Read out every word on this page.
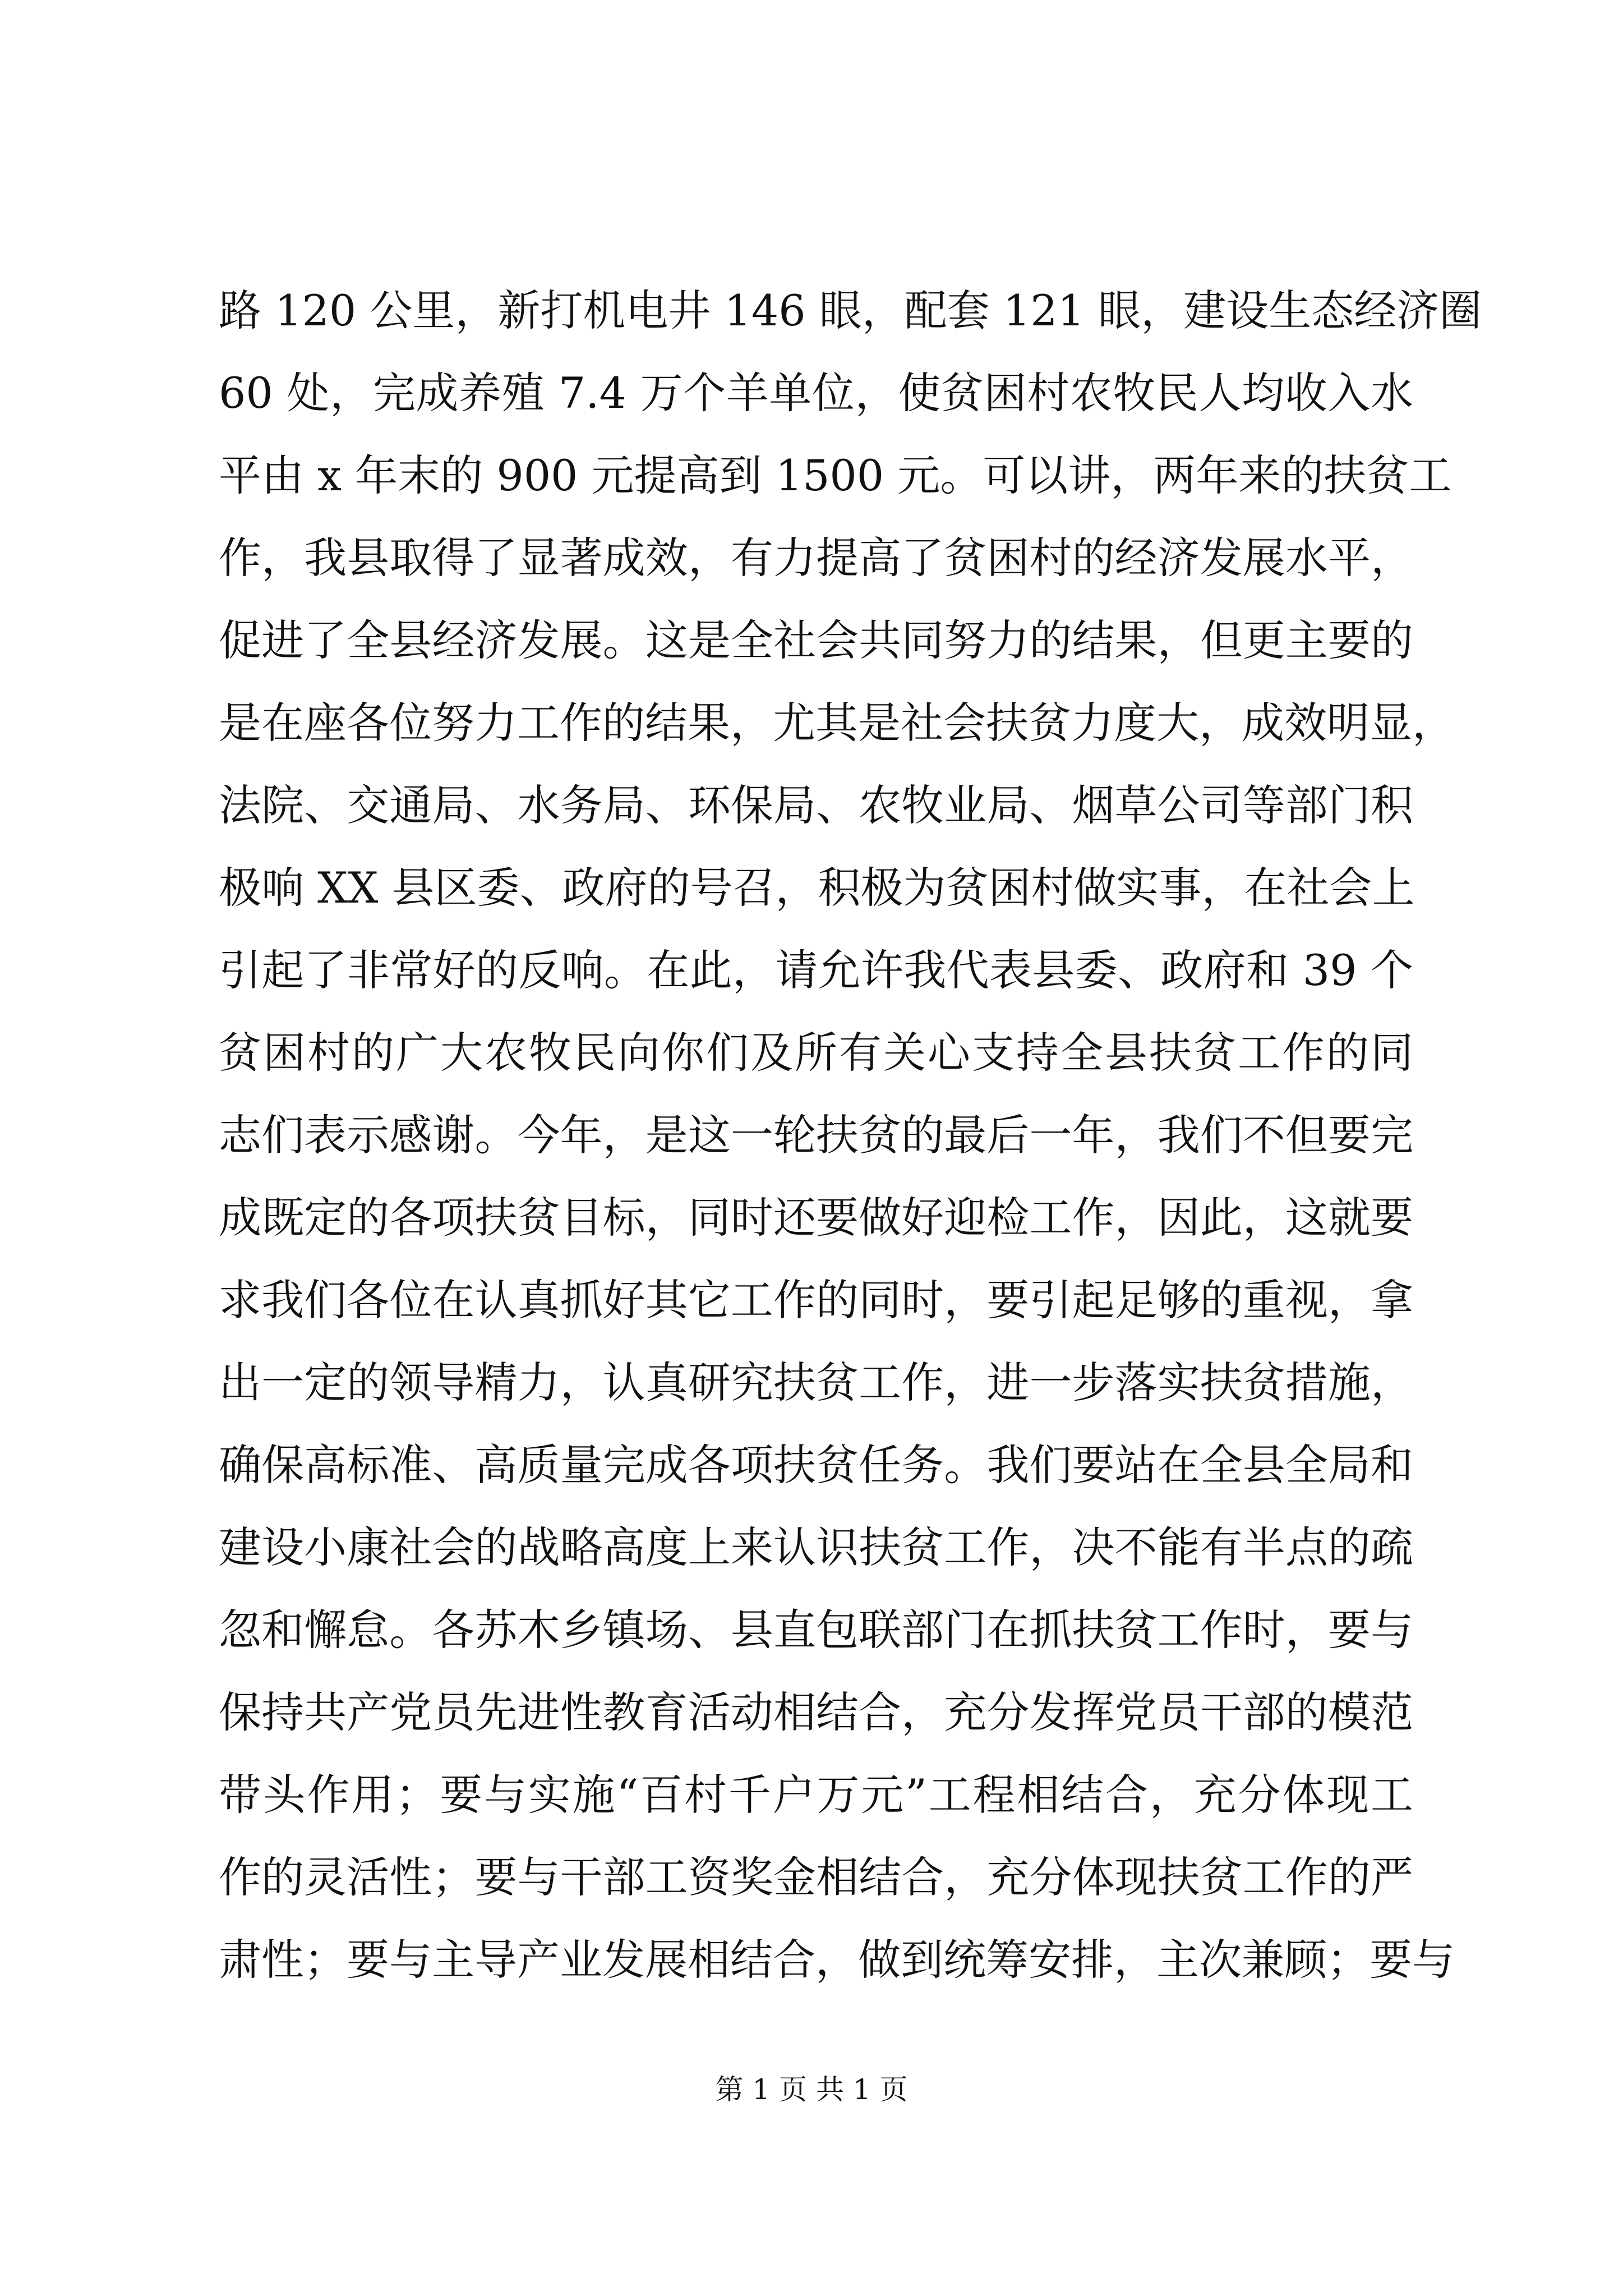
路 120 公里，新打机电井 146 眼，配套 121 眼，建设生态经济圈
60 处，完成养殖 7.4 万个羊单位，使贫困村农牧民人均收入水
平由 x 年末的 900 元提高到 1500 元。可以讲，两年来的扶贫工
作，我县取得了显著成效，有力提高了贫困村的经济发展水平，
促进了全县经济发展。这是全社会共同努力的结果，但更主要的
是在座各位努力工作的结果，尤其是社会扶贫力度大，成效明显，
法院、交通局、水务局、环保局、农牧业局、烟草公司等部门积
极响 XX 县区委、政府的号召，积极为贫困村做实事，在社会上
引起了非常好的反响。在此，请允许我代表县委、政府和 39 个
贫困村的广大农牧民向你们及所有关心支持全县扶贫工作的同
志们表示感谢。今年，是这一轮扶贫的最后一年，我们不但要完
成既定的各项扶贫目标，同时还要做好迎检工作，因此，这就要
求我们各位在认真抓好其它工作的同时，要引起足够的重视，拿
出一定的领导精力，认真研究扶贫工作，进一步落实扶贫措施，
确保高标准、高质量完成各项扶贫任务。我们要站在全县全局和
建设小康社会的战略高度上来认识扶贫工作，决不能有半点的疏
忽和懈怠。各苏木乡镇场、县直包联部门在抓扶贫工作时，要与
保持共产党员先进性教育活动相结合，充分发挥党员干部的模范
带头作用；要与实施“百村千户万元”工程相结合，充分体现工
作的灵活性；要与干部工资奖金相结合，充分体现扶贫工作的严
肃性；要与主导产业发展相结合，做到统筹安排，主次兼顾；要与
第 1 页 共 1 页
